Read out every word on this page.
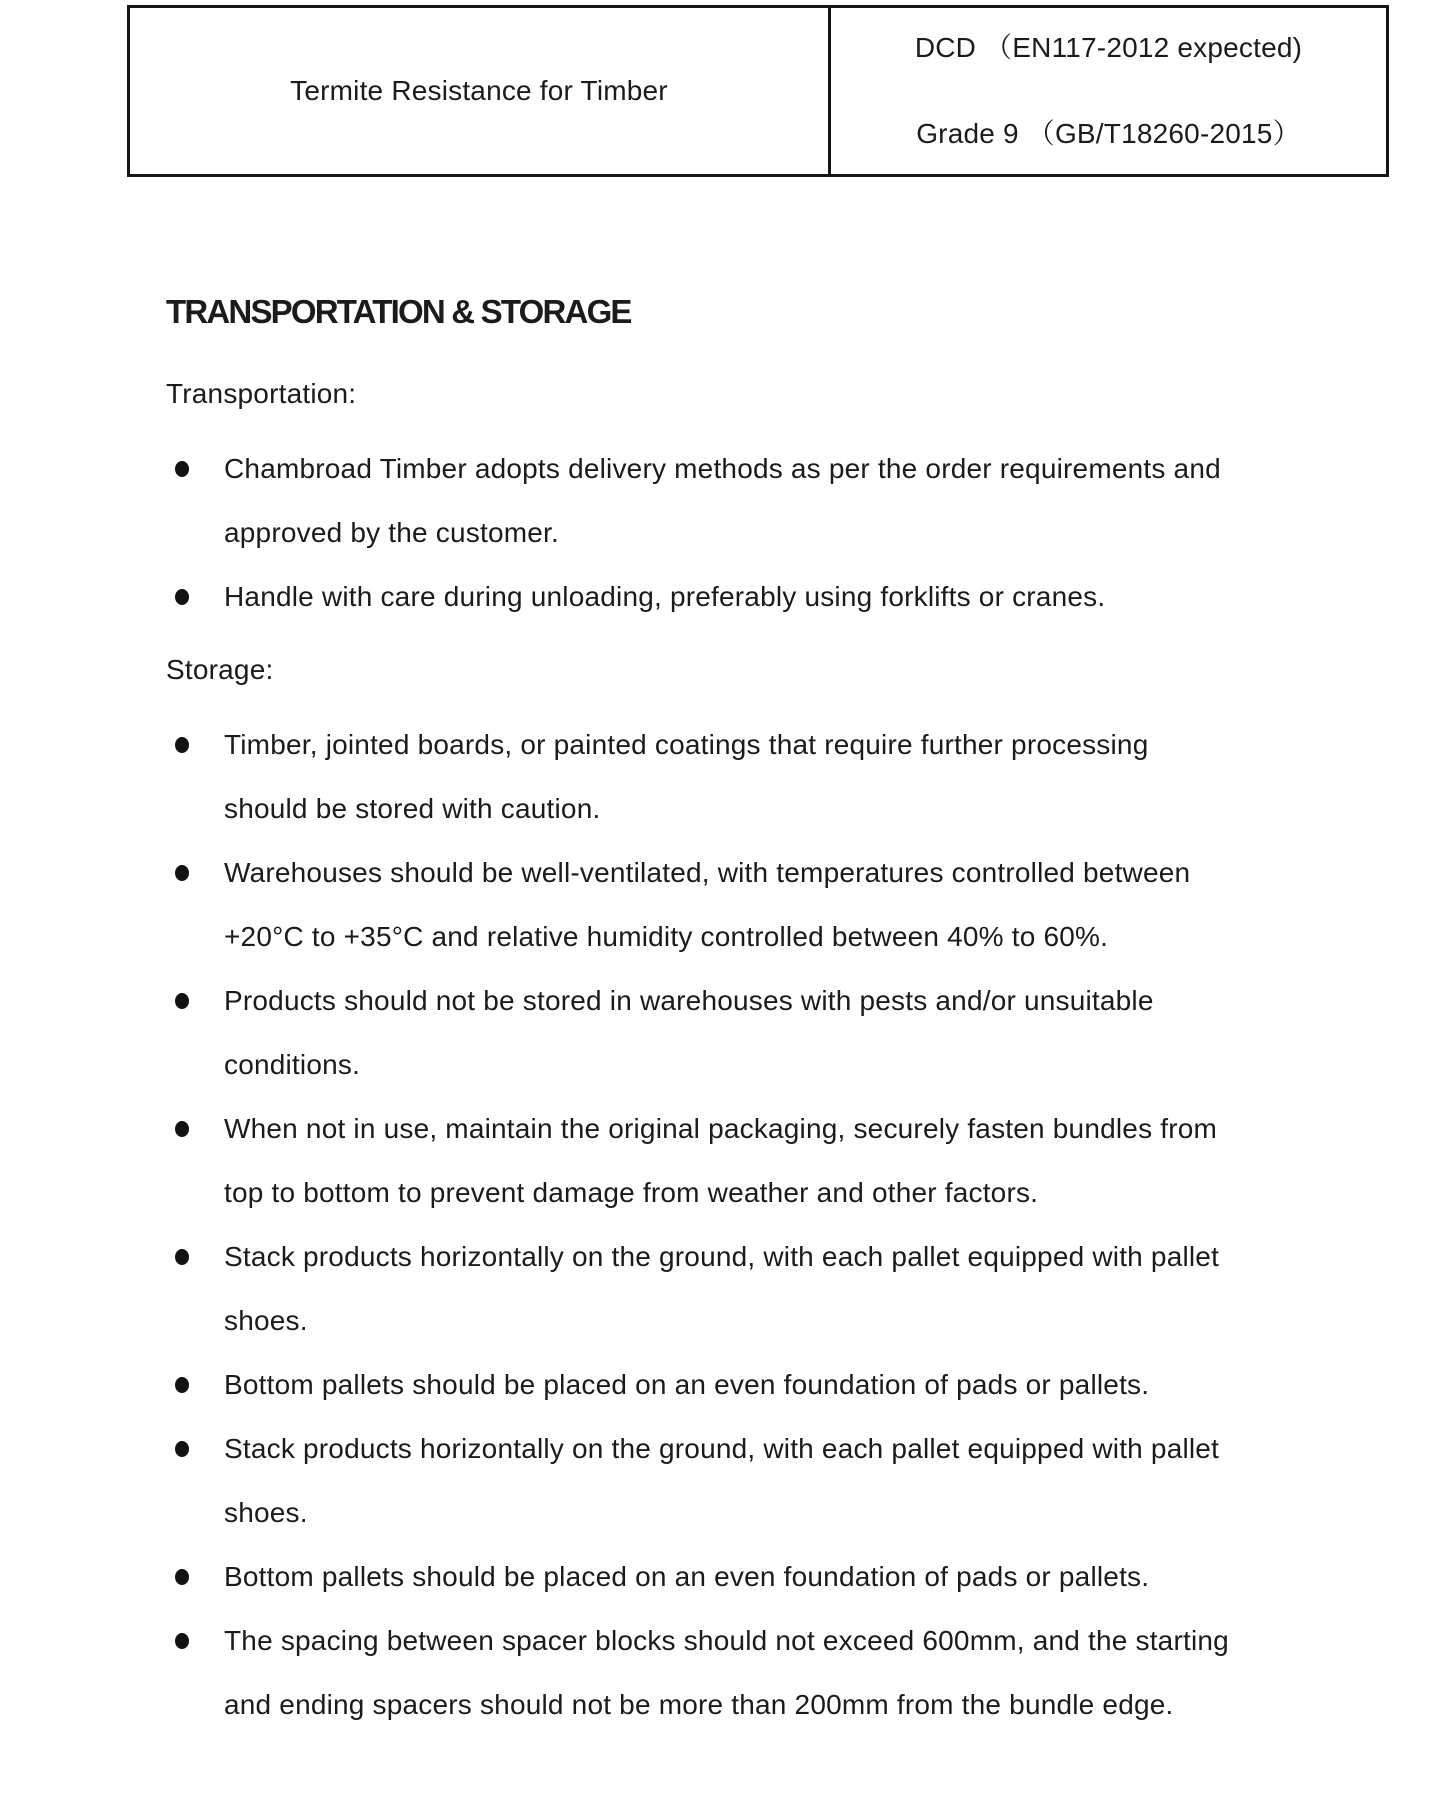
Termite Resistance for Timber
DCD （EN117-2012 expected)
Grade 9 （GB/T18260-2015）
TRANSPORTATION & STORAGE
Transportation:
Chambroad Timber adopts delivery methods as per the order requirements and
approved by the customer.
Handle with care during unloading, preferably using forklifts or cranes.
Storage:
Timber, jointed boards, or painted coatings that require further processing
should be stored with caution.
Warehouses should be well-ventilated, with temperatures controlled between
+20°C to +35°C and relative humidity controlled between 40% to 60%.
Products should not be stored in warehouses with pests and/or unsuitable
conditions.
When not in use, maintain the original packaging, securely fasten bundles from
top to bottom to prevent damage from weather and other factors.
Stack products horizontally on the ground, with each pallet equipped with pallet
shoes.
Bottom pallets should be placed on an even foundation of pads or pallets.
Stack products horizontally on the ground, with each pallet equipped with pallet
shoes.
Bottom pallets should be placed on an even foundation of pads or pallets.
The spacing between spacer blocks should not exceed 600mm, and the starting
and ending spacers should not be more than 200mm from the bundle edge.
